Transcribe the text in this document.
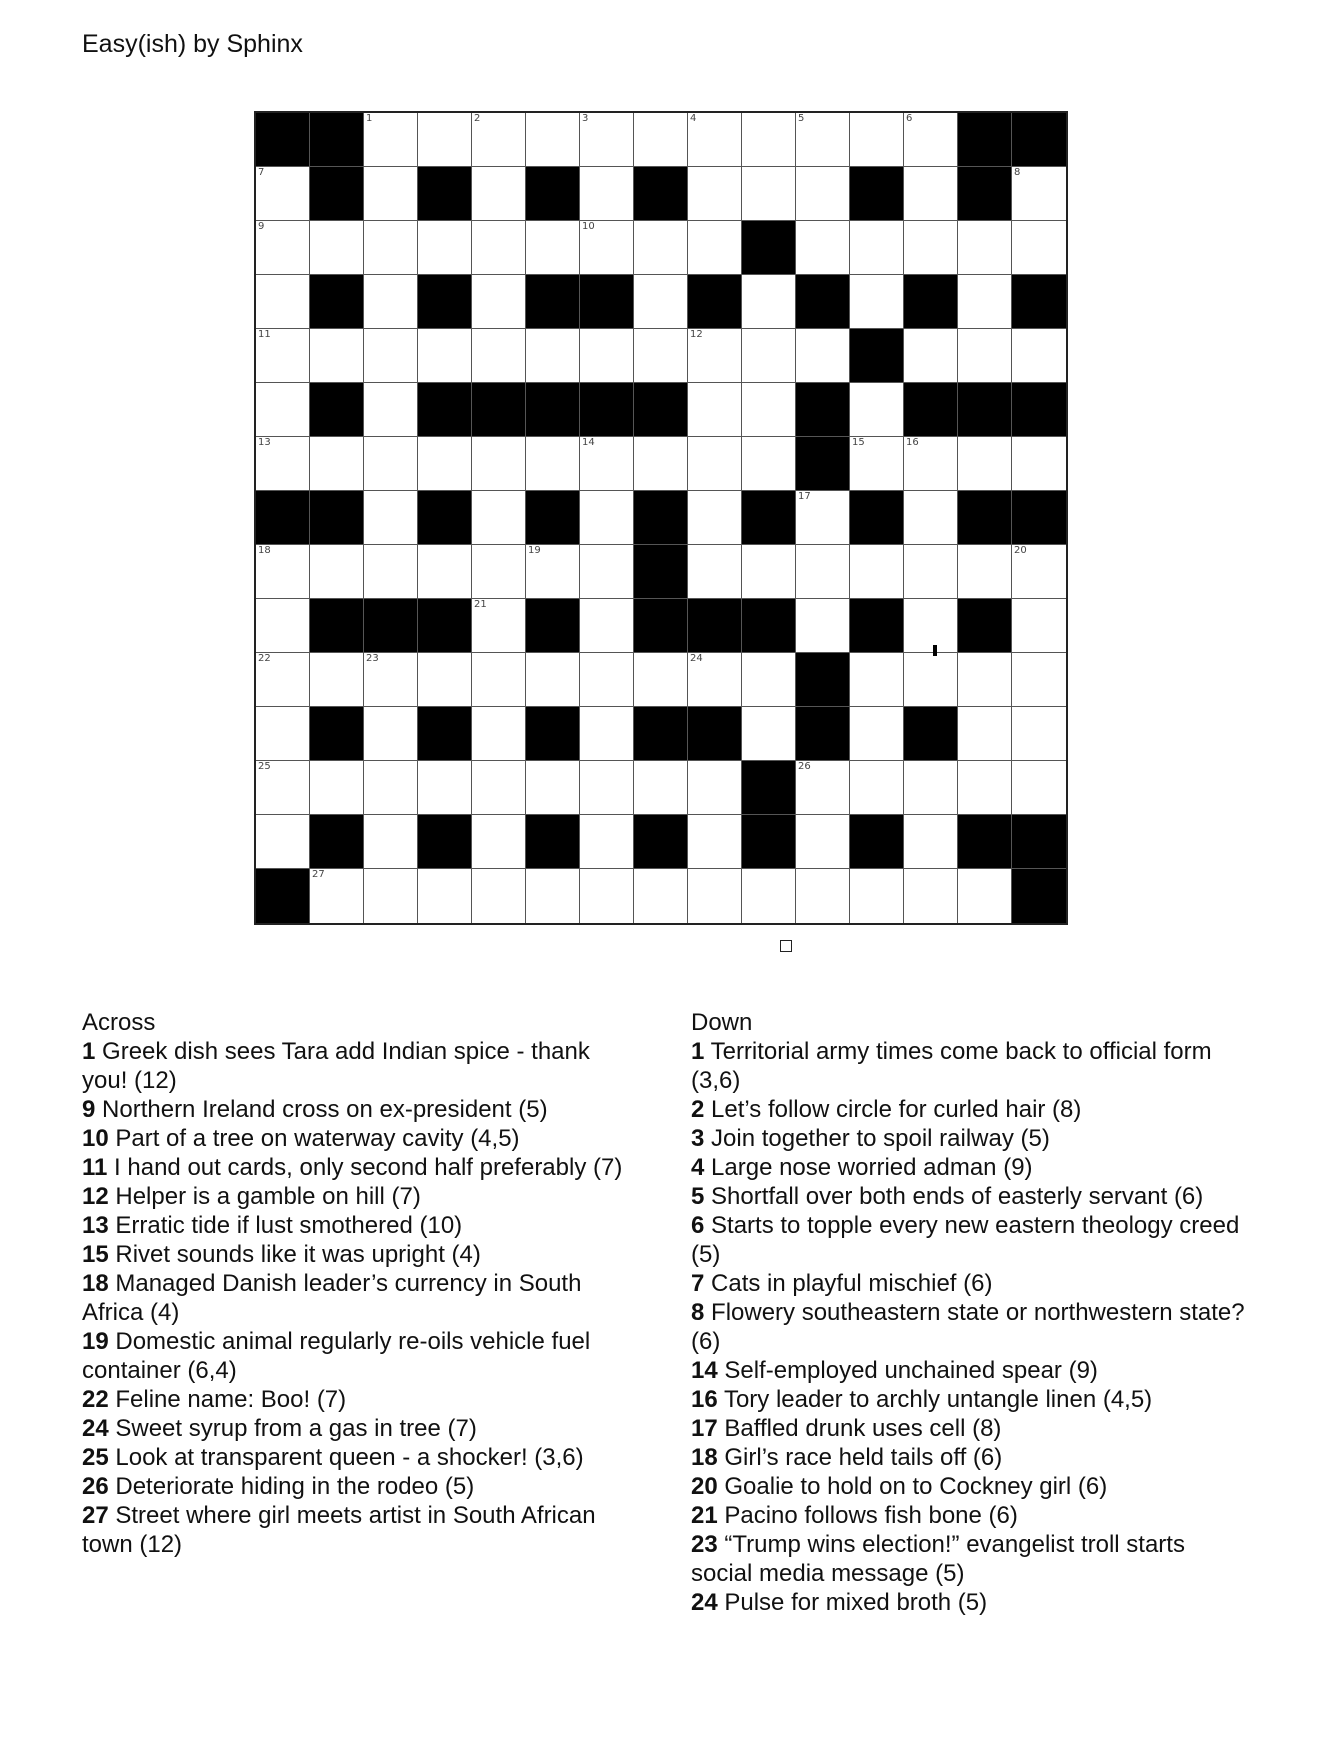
Easy(ish) by Sphinx
1	2	3	4	5	6
7	8
9	10
11	12
13	14	15	16
17
18	19	20
21
22	23	24
25	26
27
Across

1 Greek dish sees Tara add Indian spice - thank you! (12)

9 Northern Ireland cross on ex-president (5)

10 Part of a tree on waterway cavity (4,5)

11 I hand out cards, only second half preferably (7)

12 Helper is a gamble on hill (7)

13 Erratic tide if lust smothered (10)

15 Rivet sounds like it was upright (4)

18 Managed Danish leader’s currency in South Africa (4)

19 Domestic animal regularly re-oils vehicle fuel container (6,4)

22 Feline name: Boo! (7)

24 Sweet syrup from a gas in tree (7)

25 Look at transparent queen - a shocker! (3,6)

26 Deteriorate hiding in the rodeo (5)

27 Street where girl meets artist in South African town (12)

Down

1 Territorial army times come back to official form (3,6)

2 Let’s follow circle for curled hair (8)

3 Join together to spoil railway (5)

4 Large nose worried adman (9)

5 Shortfall over both ends of easterly servant (6)

6 Starts to topple every new eastern theology creed (5)

7 Cats in playful mischief (6)

8 Flowery southeastern state or northwestern state? (6)

14 Self-employed unchained spear (9)

16 Tory leader to archly untangle linen (4,5)

17 Baffled drunk uses cell (8)

18 Girl’s race held tails off (6)

20 Goalie to hold on to Cockney girl (6)

21 Pacino follows fish bone (6)

23 “Trump wins election!” evangelist troll starts social media message (5)

24 Pulse for mixed broth (5)
